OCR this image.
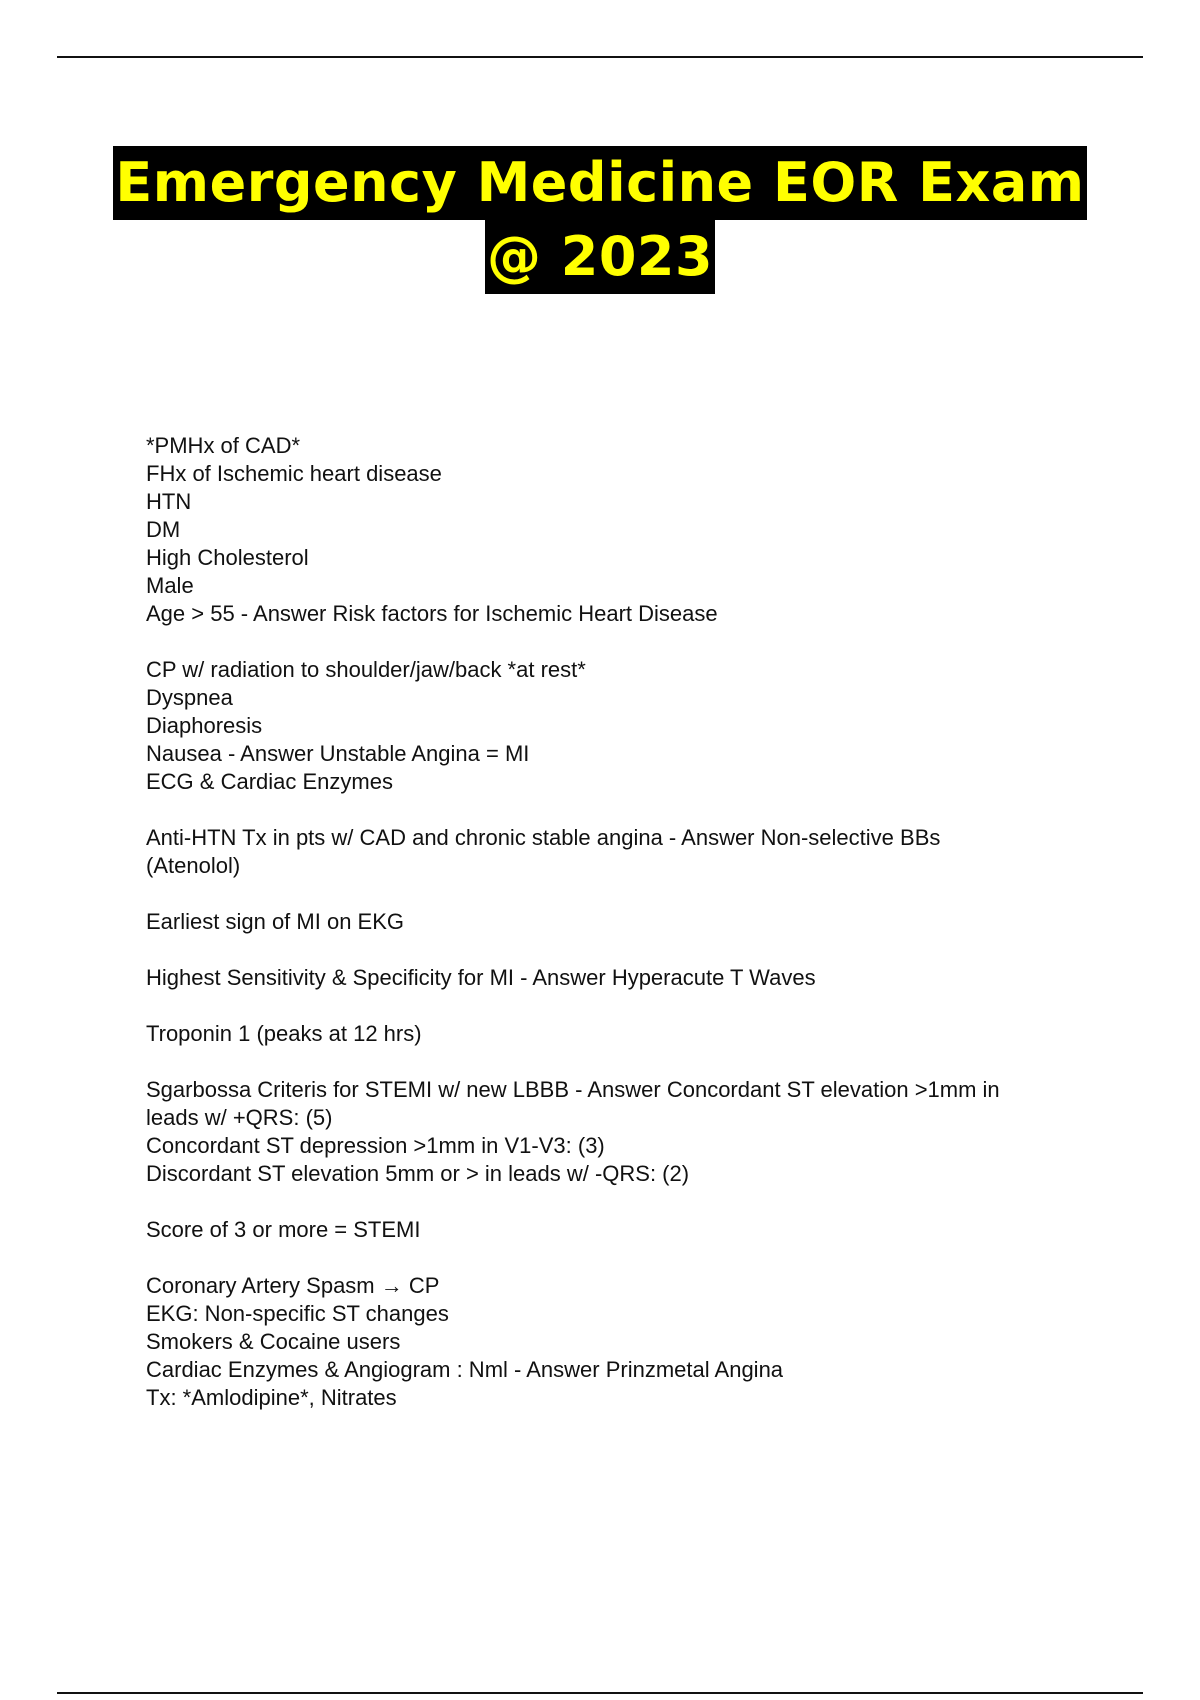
Emergency Medicine EOR Exam
@ 2023
*PMHx of CAD*
FHx of Ischemic heart disease
HTN
DM
High Cholesterol
Male
Age > 55 - Answer Risk factors for Ischemic Heart Disease
CP w/ radiation to shoulder/jaw/back *at rest*
Dyspnea
Diaphoresis
Nausea - Answer Unstable Angina = MI
ECG & Cardiac Enzymes
Anti-HTN Tx in pts w/ CAD and chronic stable angina - Answer Non-selective BBs
(Atenolol)
Earliest sign of MI on EKG
Highest Sensitivity & Specificity for MI - Answer Hyperacute T Waves
Troponin 1 (peaks at 12 hrs)
Sgarbossa Criteris for STEMI w/ new LBBB - Answer Concordant ST elevation >1mm in
leads w/ +QRS: (5)
Concordant ST depression >1mm in V1-V3: (3)
Discordant ST elevation 5mm or > in leads w/ -QRS: (2)
Score of 3 or more = STEMI
Coronary Artery Spasm → CP
EKG: Non-specific ST changes
Smokers & Cocaine users
Cardiac Enzymes & Angiogram : Nml - Answer Prinzmetal Angina
Tx: *Amlodipine*, Nitrates
